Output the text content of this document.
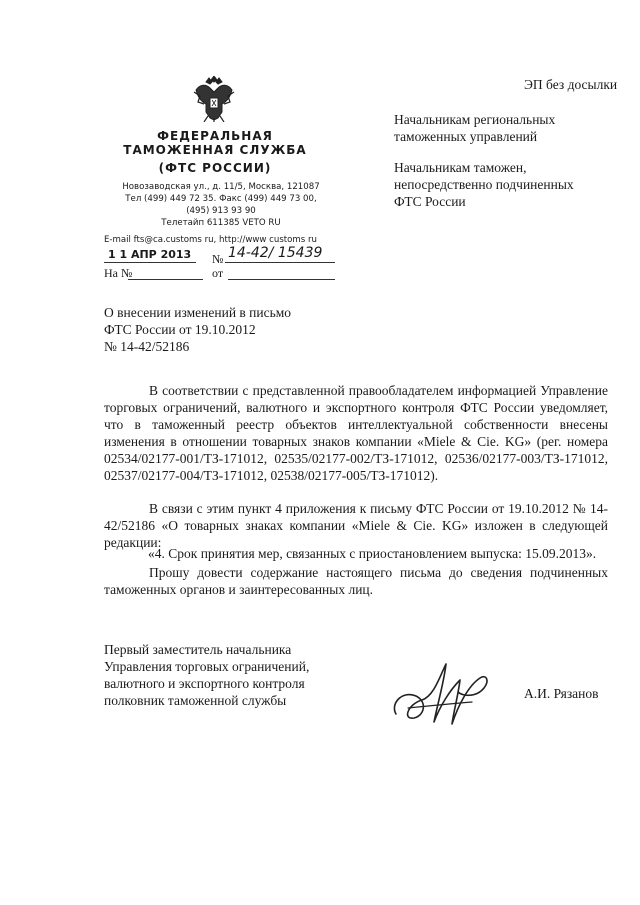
ФЕДЕРАЛЬНАЯ
ТАМОЖЕННАЯ СЛУЖБА
(ФТС РОССИИ)
Новозаводская ул., д. 11/5, Москва, 121087
Тел (499) 449 72 35. Факс (499) 449 73 00,
(495) 913 93 90
Телетайп 611385 VETO RU
E-mail fts@ca.customs ru, http://www customs ru
1 1 АПР 2013 № 14-42/ 15439
На №	от
ЭП без досылки
Начальникам региональных
таможенных управлений
Начальникам таможен,
непосредственно подчиненных
ФТС России
О внесении изменений в письмо
ФТС России от 19.10.2012
№ 14-42/52186
В соответствии с представленной правообладателем информацией Управление торговых ограничений, валютного и экспортного контроля ФТС России уведомляет, что в таможенный реестр объектов интеллектуальной собственности внесены изменения в отношении товарных знаков компании «Miele & Cie. KG» (рег. номера 02534/02177-001/ТЗ-171012, 02535/02177-002/ТЗ-171012, 02536/02177-003/ТЗ-171012, 02537/02177-004/ТЗ-171012, 02538/02177-005/ТЗ-171012).
В связи с этим пункт 4 приложения к письму ФТС России от 19.10.2012 № 14-42/52186 «О товарных знаках компании «Miele & Cie. KG» изложен в следующей редакции:
«4. Срок принятия мер, связанных с приостановлением выпуска: 15.09.2013».
Прошу довести содержание настоящего письма до сведения подчиненных таможенных органов и заинтересованных лиц.
Первый заместитель начальника
Управления торговых ограничений,
валютного и экспортного контроля
полковник таможенной службы	А.И. Рязанов
